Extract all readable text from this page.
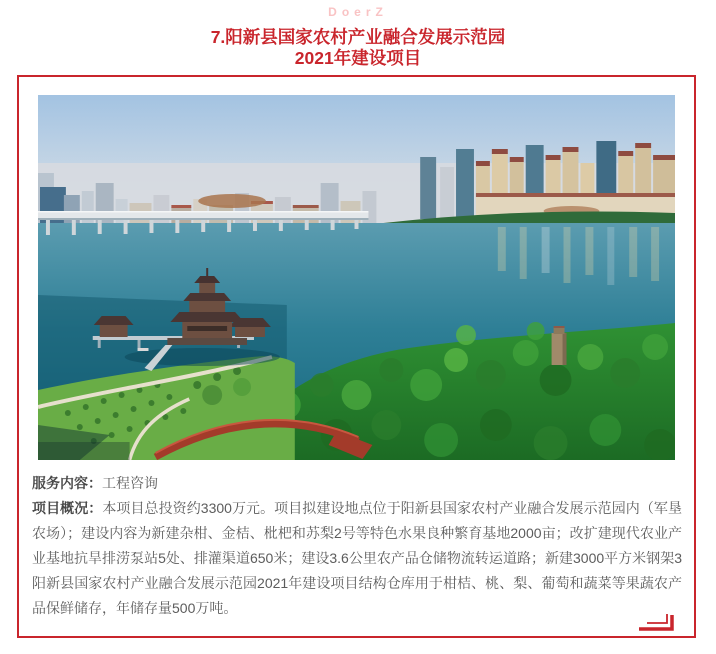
DoerZ
7.阳新县国家农村产业融合发展示范园
2021年建设项目

服务内容：工程咨询

项目概况：本项目总投资约3300万元。项目拟建设地点位于阳新县国家农村产业融合发展示范园内（军垦农场）；建设内容为新建杂柑、金桔、枇杷和苏梨2号等特色水果良种繁育基地2000亩；改扩建现代农业产业基地抗旱排涝泵站5处、排灌渠道650米；建设3.6公里农产品仓储物流转运道路；新建3000平方米钢架3阳新县国家农村产业融合发展示范园2021年建设项目结构仓库用于柑桔、桃、梨、葡萄和蔬菜等果蔬农产品保鲜储存，年储存量500万吨。
